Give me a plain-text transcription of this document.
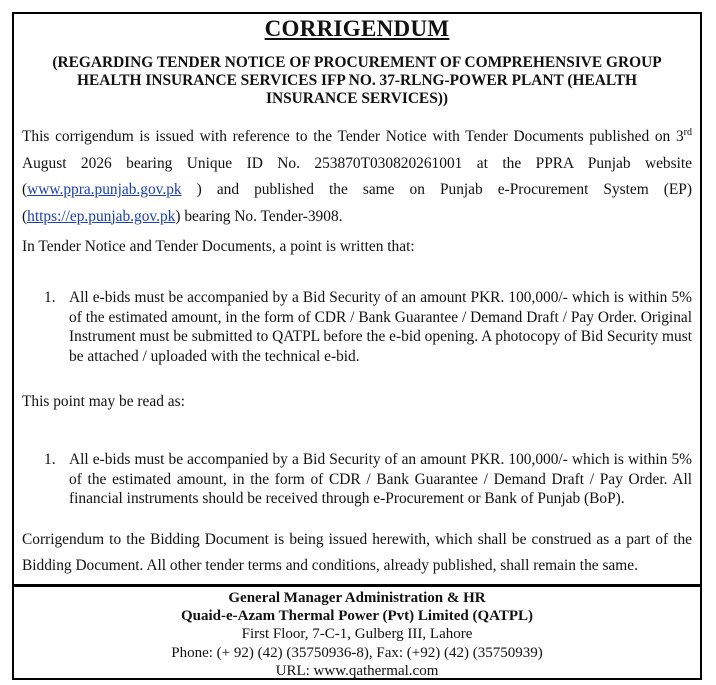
CORRIGENDUM
(REGARDING TENDER NOTICE OF PROCUREMENT OF COMPREHENSIVE GROUP HEALTH INSURANCE SERVICES IFP NO. 37-RLNG-POWER PLANT (HEALTH INSURANCE SERVICES))
This corrigendum is issued with reference to the Tender Notice with Tender Documents published on 3rd August 2026 bearing Unique ID No. 253870T030820261001 at the PPRA Punjab website (www.ppra.punjab.gov.pk ) and published the same on Punjab e-Procurement System (EP) (https://ep.punjab.gov.pk) bearing No. Tender-3908.
In Tender Notice and Tender Documents, a point is written that:
1. All e-bids must be accompanied by a Bid Security of an amount PKR. 100,000/- which is within 5% of the estimated amount, in the form of CDR / Bank Guarantee / Demand Draft / Pay Order. Original Instrument must be submitted to QATPL before the e-bid opening. A photocopy of Bid Security must be attached / uploaded with the technical e-bid.
This point may be read as:
1. All e-bids must be accompanied by a Bid Security of an amount PKR. 100,000/- which is within 5% of the estimated amount, in the form of CDR / Bank Guarantee / Demand Draft / Pay Order. All financial instruments should be received through e-Procurement or Bank of Punjab (BoP).
Corrigendum to the Bidding Document is being issued herewith, which shall be construed as a part of the Bidding Document. All other tender terms and conditions, already published, shall remain the same.
General Manager Administration & HR
Quaid-e-Azam Thermal Power (Pvt) Limited (QATPL)
First Floor, 7-C-1, Gulberg III, Lahore
Phone: (+ 92) (42) (35750936-8), Fax: (+92) (42) (35750939)
URL: www.qathermal.com
